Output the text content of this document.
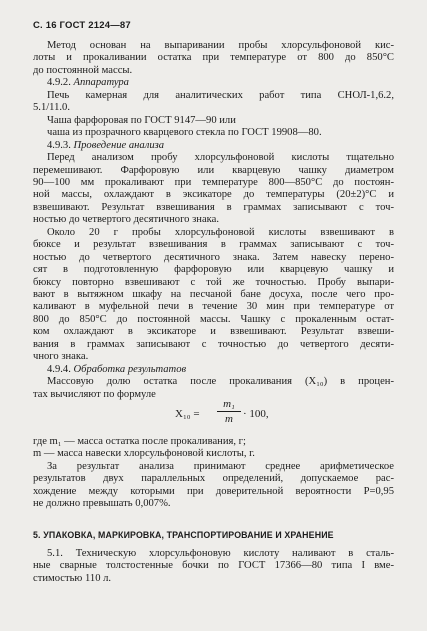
С. 16 ГОСТ 2124—87
Метод основан на выпаривании пробы хлорсульфоновой кис-
лоты и прокаливании остатка при температуре от 800 до 850°С
до постоянной массы.
4.9.2. Аппаратура
Печь камерная для аналитических работ типа СНОЛ-1,6.2,
5.1/11.0.
Чаша фарфоровая по ГОСТ 9147—90 или
чаша из прозрачного кварцевого стекла по ГОСТ 19908—80.
4.9.3. Проведение анализа
Перед анализом пробу хлорсульфоновой кислоты тщательно
перемешивают. Фарфоровую или кварцевую чашку диаметром
90—100 мм прокаливают при температуре 800—850°С до постоян-
ной массы, охлаждают в эксикаторе до температуры (20±2)°С и
взвешивают. Результат взвешивания в граммах записывают с точ-
ностью до четвертого десятичного знака.
Около 20 г пробы хлорсульфоновой кислоты взвешивают в
бюксе и результат взвешивания в граммах записывают с точ-
ностью до четвертого десятичного знака. Затем навеску перено-
сят в подготовленную фарфоровую или кварцевую чашку и
бюксу повторно взвешивают с той же точностью. Пробу выпари-
вают в вытяжном шкафу на песчаной бане досуха, после чего про-
каливают в муфельной печи в течение 30 мин при температуре от
800 до 850°С до постоянной массы. Чашку с прокаленным остат-
ком охлаждают в эксикаторе и взвешивают. Результат взвеши-
вания в граммах записывают с точностью до четвертого десяти-
чного знака.
4.9.4. Обработка результатов
Массовую долю остатка после прокаливания (X₁₀) в процен-
тах вычисляют по формуле
X₁₀ =
m₁
m · 100,
где m₁ — масса остатка после прокаливания, г;
m — масса навески хлорсульфоновой кислоты, г.
За результат анализа принимают среднее арифметическое
результатов двух параллельных определений, допускаемое рас-
хождение между которыми при доверительной вероятности P=0,95
не должно превышать 0,007%.
5. УПАКОВКА, МАРКИРОВКА, ТРАНСПОРТИРОВАНИЕ И ХРАНЕНИЕ
5.1. Техническую хлорсульфоновую кислоту наливают в сталь-
ные сварные толстостенные бочки по ГОСТ 17366—80 типа I вме-
стимостью 110 л.
